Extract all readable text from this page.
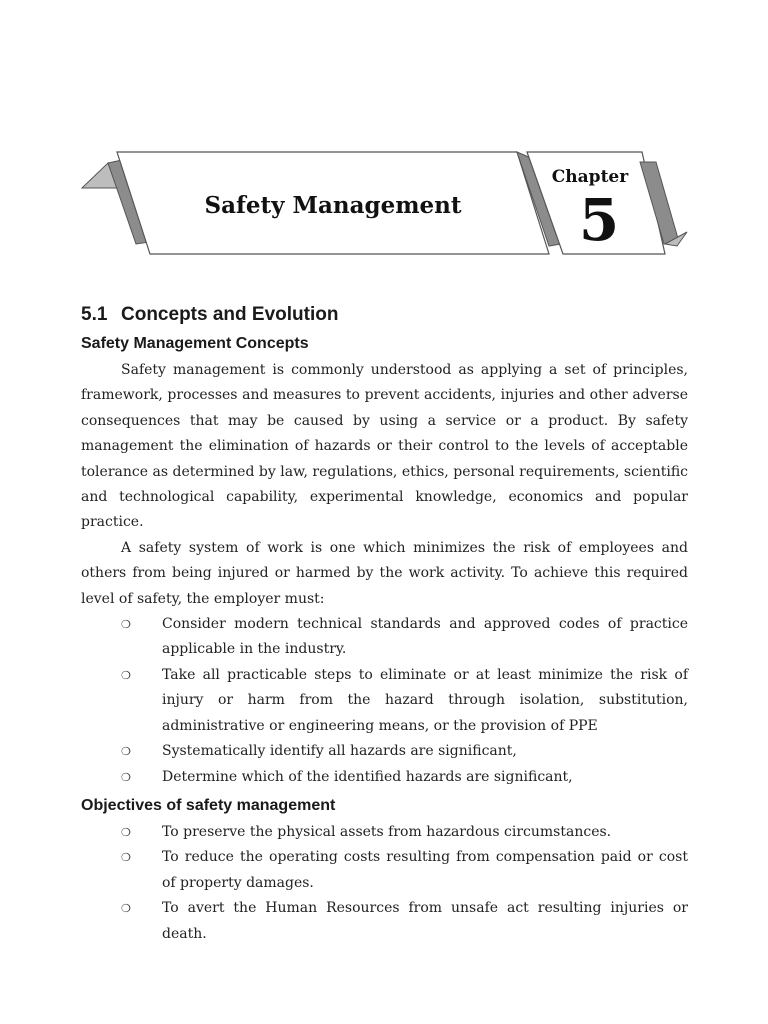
Safety Management
Chapter
5
5.1 Concepts and Evolution
Safety Management Concepts

Safety management is commonly understood as applying a set of principles, framework, processes and measures to prevent accidents, injuries and other adverse consequences that may be caused by using a service or a product. By safety management the elimination of hazards or their control to the levels of acceptable tolerance as determined by law, regulations, ethics, personal requirements, scientific and technological capability, experimental knowledge, economics and popular practice.

A safety system of work is one which minimizes the risk of employees and others from being injured or harmed by the work activity. To achieve this required level of safety, the employer must:

❍ Consider modern technical standards and approved codes of practice applicable in the industry.
❍ Take all practicable steps to eliminate or at least minimize the risk of injury or harm from the hazard through isolation, substitution, administrative or engineering means, or the provision of PPE
❍ Systematically identify all hazards are significant,
❍ Determine which of the identified hazards are significant,
Objectives of safety management
❍ To preserve the physical assets from hazardous circumstances.
❍ To reduce the operating costs resulting from compensation paid or cost of property damages.
❍ To avert the Human Resources from unsafe act resulting injuries or death.
